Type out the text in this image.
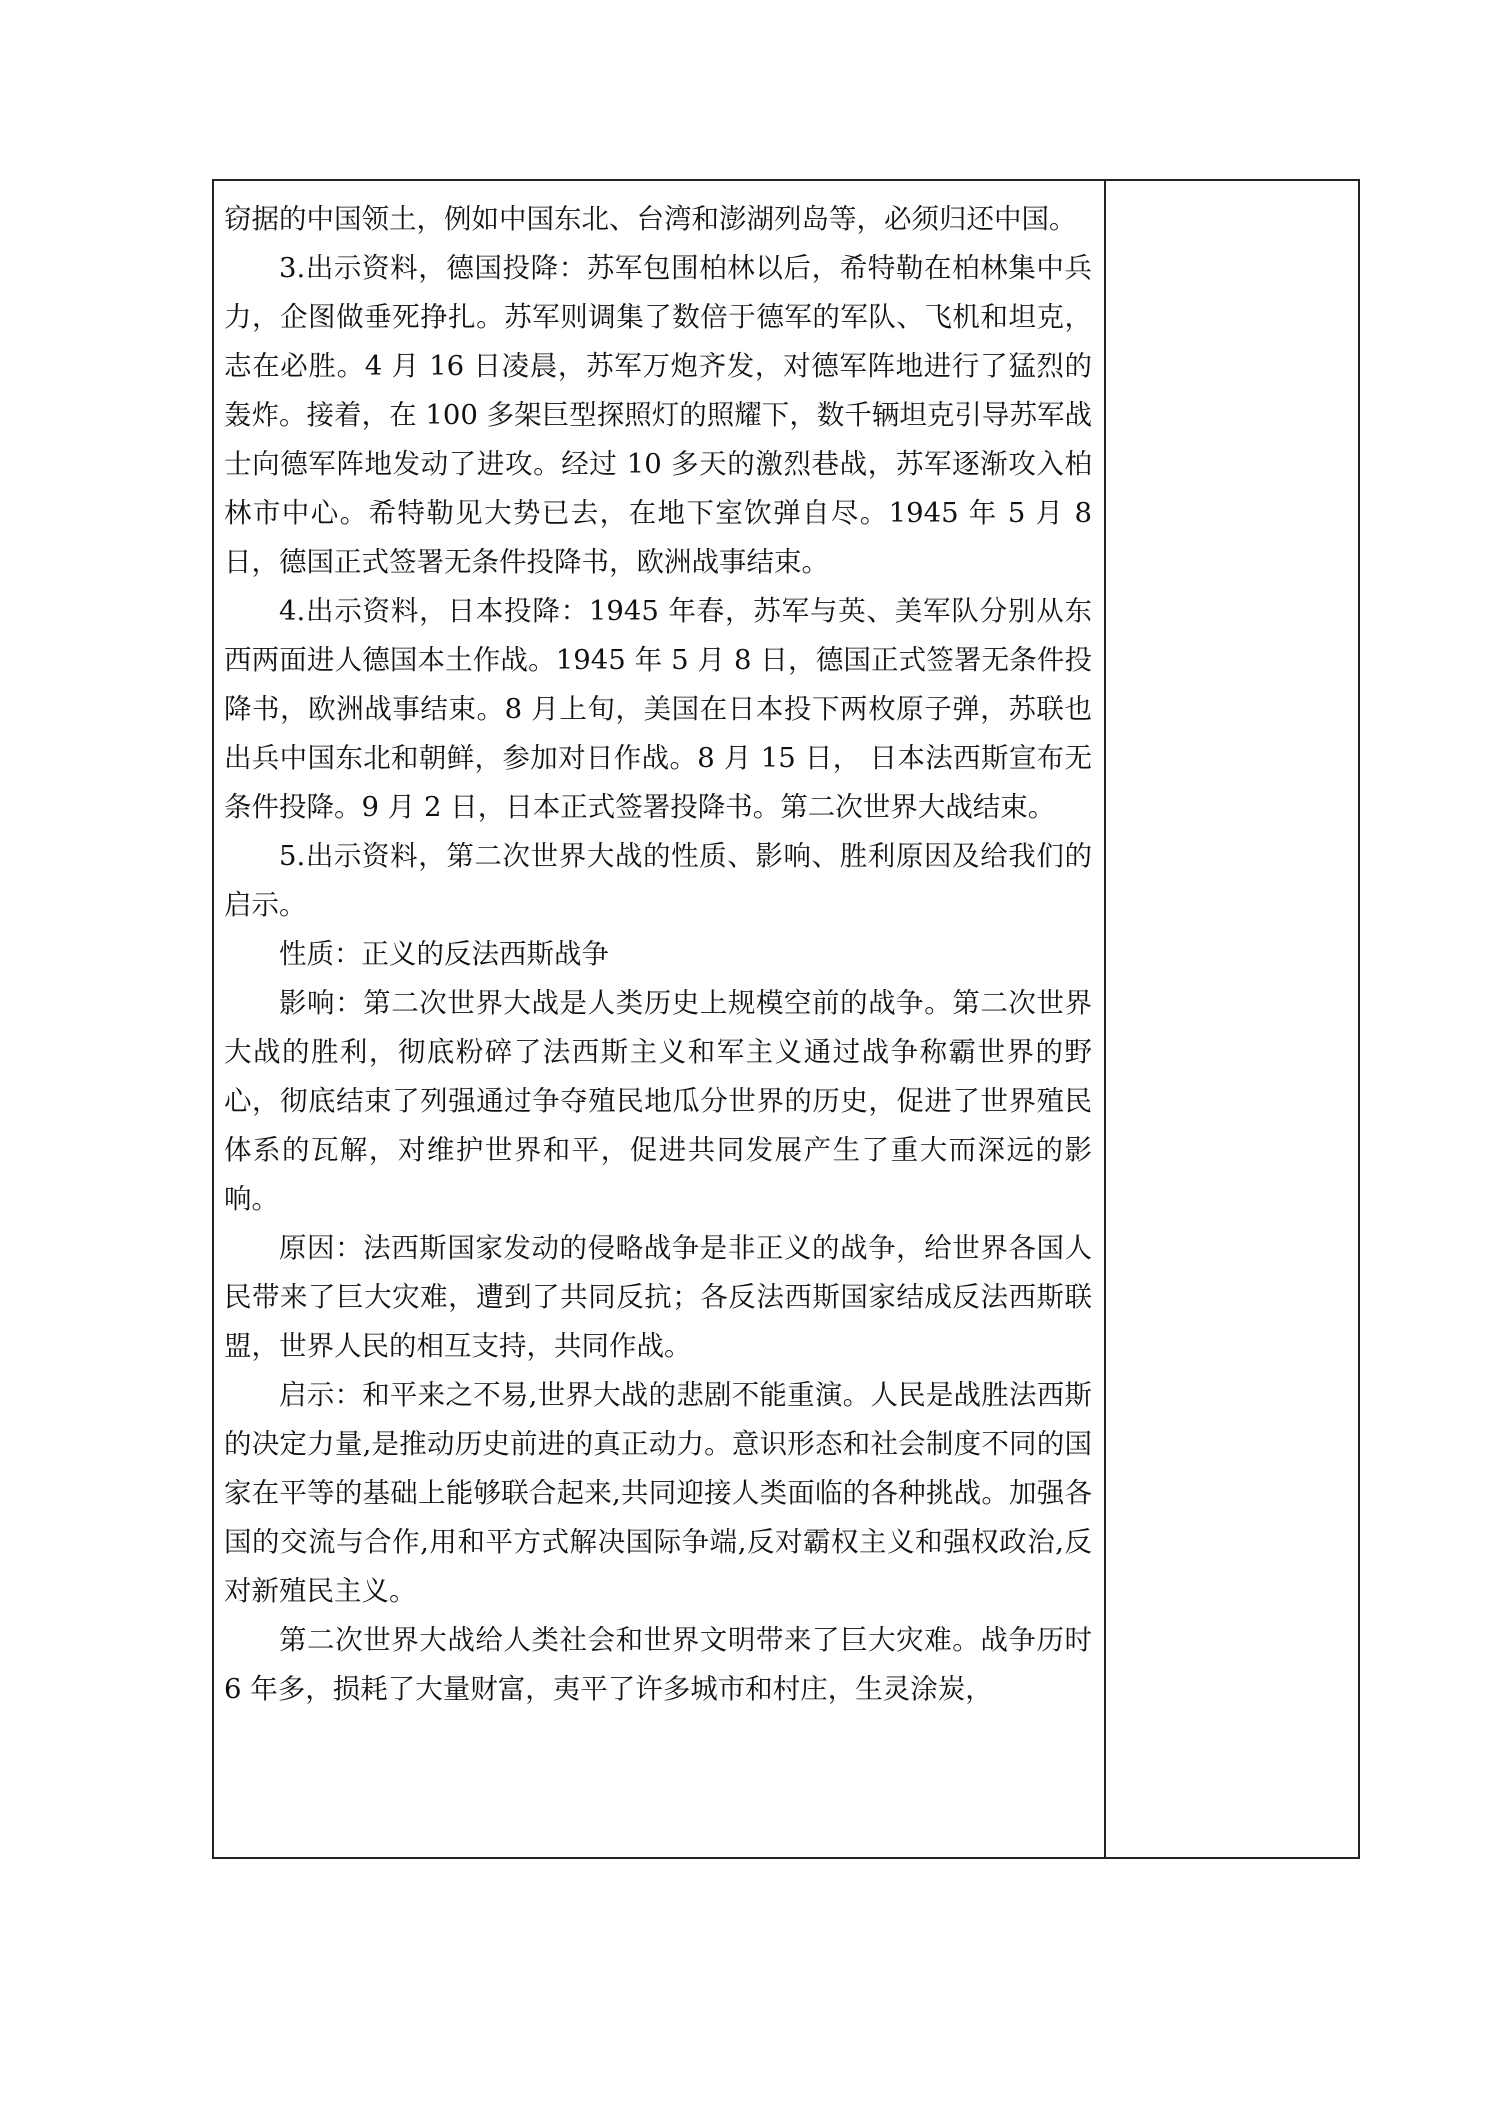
窃据的中国领土，例如中国东北、台湾和澎湖列岛等，必须归还中国。

3.出示资料，德国投降：苏军包围柏林以后，希特勒在柏林集中兵力，企图做垂死挣扎。苏军则调集了数倍于德军的军队、飞机和坦克，志在必胜。4 月 16 日凌晨，苏军万炮齐发，对德军阵地进行了猛烈的轰炸。接着，在 100 多架巨型探照灯的照耀下，数千辆坦克引导苏军战士向德军阵地发动了进攻。经过 10 多天的激烈巷战，苏军逐渐攻入柏林市中心。希特勒见大势已去，在地下室饮弹自尽。1945 年 5 月 8 日，德国正式签署无条件投降书，欧洲战事结束。

4.出示资料，日本投降：1945 年春，苏军与英、美军队分别从东西两面进人德国本土作战。1945 年 5 月 8 日，德国正式签署无条件投降书，欧洲战事结束。8 月上旬，美国在日本投下两枚原子弹，苏联也出兵中国东北和朝鲜，参加对日作战。8 月 15 日， 日本法西斯宣布无条件投降。9 月 2 日，日本正式签署投降书。第二次世界大战结束。

5.出示资料，第二次世界大战的性质、影响、胜利原因及给我们的启示。

性质：正义的反法西斯战争

影响：第二次世界大战是人类历史上规模空前的战争。第二次世界大战的胜利，彻底粉碎了法西斯主义和军主义通过战争称霸世界的野心，彻底结束了列强通过争夺殖民地瓜分世界的历史，促进了世界殖民体系的瓦解，对维护世界和平，促进共同发展产生了重大而深远的影响。

原因：法西斯国家发动的侵略战争是非正义的战争，给世界各国人民带来了巨大灾难，遭到了共同反抗；各反法西斯国家结成反法西斯联盟，世界人民的相互支持，共同作战。

启示：和平来之不易,世界大战的悲剧不能重演。人民是战胜法西斯的决定力量,是推动历史前进的真正动力。意识形态和社会制度不同的国家在平等的基础上能够联合起来,共同迎接人类面临的各种挑战。加强各国的交流与合作,用和平方式解决国际争端,反对霸权主义和强权政治,反对新殖民主义。

第二次世界大战给人类社会和世界文明带来了巨大灾难。战争历时 6 年多，损耗了大量财富，夷平了许多城市和村庄，生灵涂炭，
